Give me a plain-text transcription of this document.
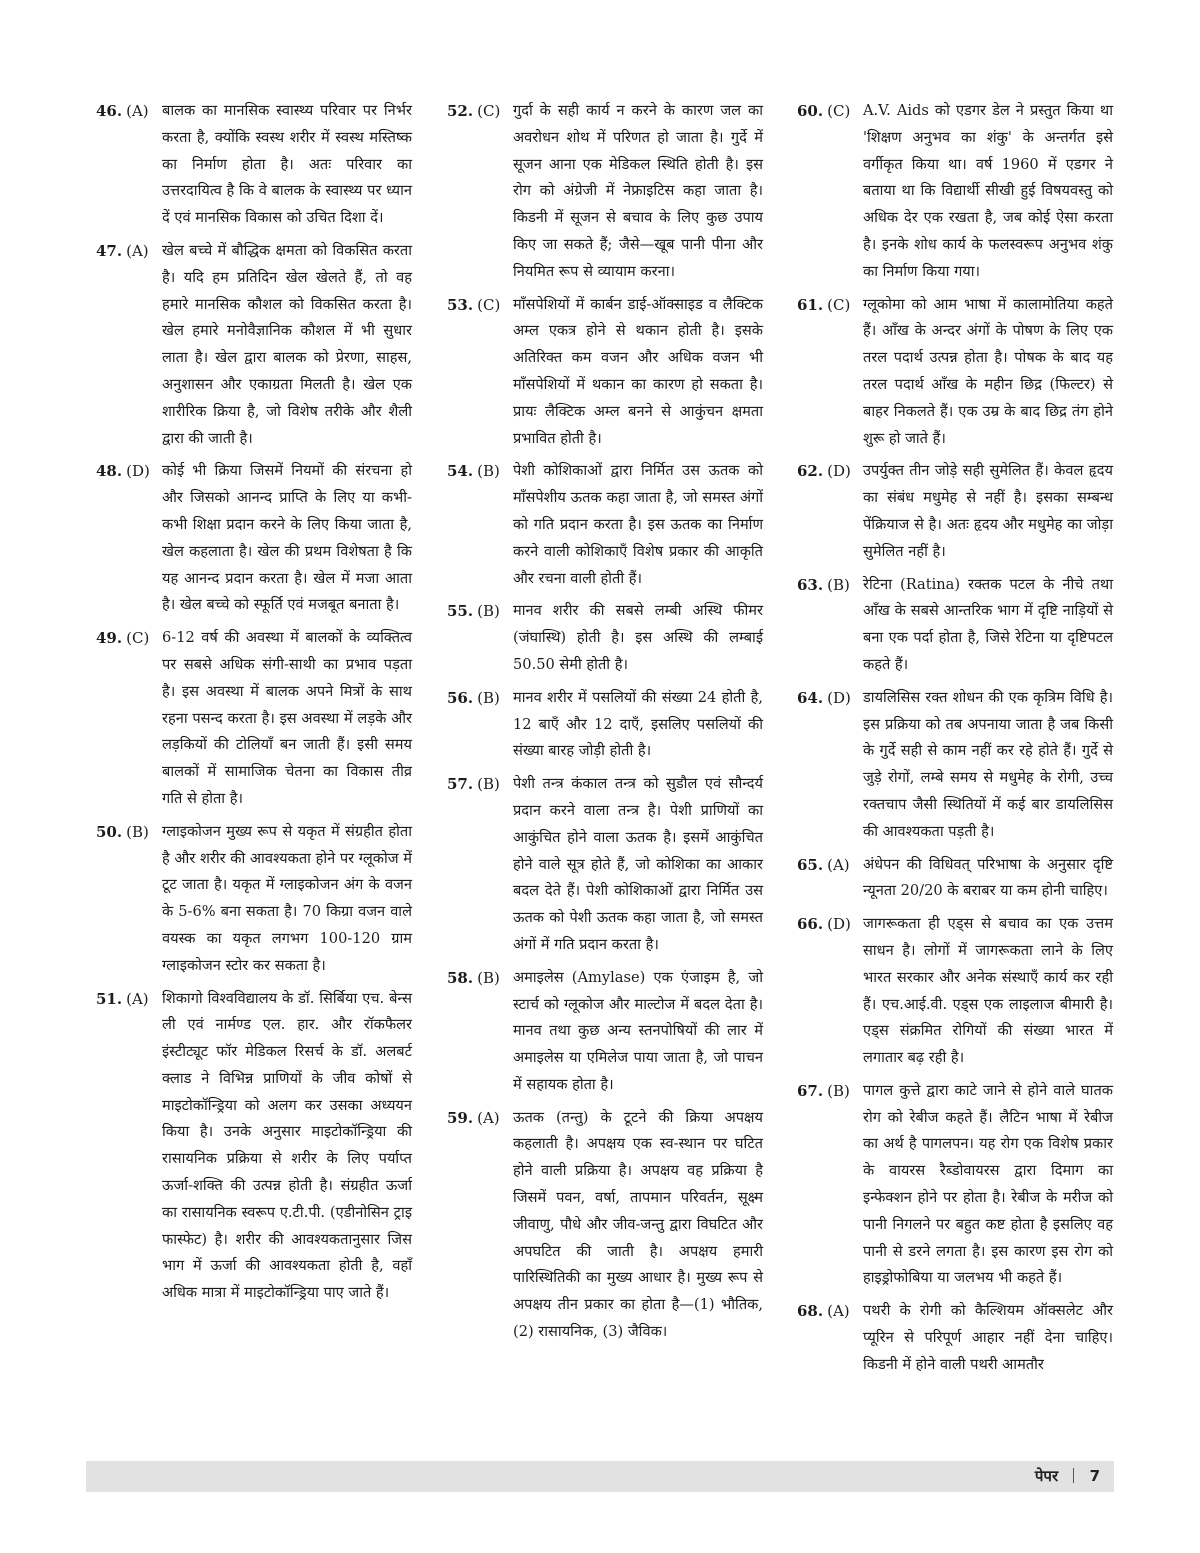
46. (A) बालक का मानसिक स्वास्थ्य परिवार पर निर्भर करता है, क्योंकि स्वस्थ शरीर में स्वस्थ मस्तिष्क का निर्माण होता है। अतः परिवार का उत्तरदायित्व है कि वे बालक के स्वास्थ्य पर ध्यान दें एवं मानसिक विकास को उचित दिशा दें।
47. (A) खेल बच्चे में बौद्धिक क्षमता को विकसित करता है। यदि हम प्रतिदिन खेल खेलते हैं, तो वह हमारे मानसिक कौशल को विकसित करता है। खेल हमारे मनोवैज्ञानिक कौशल में भी सुधार लाता है। खेल द्वारा बालक को प्रेरणा, साहस, अनुशासन और एकाग्रता मिलती है। खेल एक शारीरिक क्रिया है, जो विशेष तरीके और शैली द्वारा की जाती है।
48. (D) कोई भी क्रिया जिसमें नियमों की संरचना हो और जिसको आनन्द प्राप्ति के लिए या कभी-कभी शिक्षा प्रदान करने के लिए किया जाता है, खेल कहलाता है। खेल की प्रथम विशेषता है कि यह आनन्द प्रदान करता है। खेल में मजा आता है। खेल बच्चे को स्फूर्ति एवं मजबूत बनाता है।
49. (C) 6-12 वर्ष की अवस्था में बालकों के व्यक्तित्व पर सबसे अधिक संगी-साथी का प्रभाव पड़ता है। इस अवस्था में बालक अपने मित्रों के साथ रहना पसन्द करता है। इस अवस्था में लड़के और लड़कियों की टोलियाँ बन जाती हैं। इसी समय बालकों में सामाजिक चेतना का विकास तीव्र गति से होता है।
50. (B) ग्लाइकोजन मुख्य रूप से यकृत में संग्रहीत होता है और शरीर की आवश्यकता होने पर ग्लूकोज में टूट जाता है। यकृत में ग्लाइकोजन अंग के वजन के 5-6% बना सकता है। 70 किग्रा वजन वाले वयस्क का यकृत लगभग 100-120 ग्राम ग्लाइकोजन स्टोर कर सकता है।
51. (A) शिकागो विश्वविद्यालय के डॉ. सिर्बिया एच. बेन्स ली एवं नार्मण्ड एल. हार. और रॉकफैलर इंस्टीट्यूट फॉर मेडिकल रिसर्च के डॉ. अलबर्ट क्लाड ने विभिन्न प्राणियों के जीव कोषों से माइटोकॉन्ड्रिया को अलग कर उसका अध्ययन किया है। उनके अनुसार माइटोकॉन्ड्रिया की रासायनिक प्रक्रिया से शरीर के लिए पर्याप्त ऊर्जा-शक्ति की उत्पन्न होती है। संग्रहीत ऊर्जा का रासायनिक स्वरूप ए.टी.पी. (एडीनोसिन ट्राइ फास्फेट) है। शरीर की आवश्यकतानुसार जिस भाग में ऊर्जा की आवश्यकता होती है, वहाँ अधिक मात्रा में माइटोकॉन्ड्रिया पाए जाते हैं।
52. (C) गुर्दा के सही कार्य न करने के कारण जल का अवरोधन शोथ में परिणत हो जाता है। गुर्दे में सूजन आना एक मेडिकल स्थिति होती है। इस रोग को अंग्रेजी में नेफ्राइटिस कहा जाता है। किडनी में सूजन से बचाव के लिए कुछ उपाय किए जा सकते हैं; जैसे—खूब पानी पीना और नियमित रूप से व्यायाम करना।
53. (C) माँसपेशियों में कार्बन डाई-ऑक्साइड व लैक्टिक अम्ल एकत्र होने से थकान होती है। इसके अतिरिक्त कम वजन और अधिक वजन भी माँसपेशियों में थकान का कारण हो सकता है। प्रायः लैक्टिक अम्ल बनने से आकुंचन क्षमता प्रभावित होती है।
54. (B) पेशी कोशिकाओं द्वारा निर्मित उस ऊतक को माँसपेशीय ऊतक कहा जाता है, जो समस्त अंगों को गति प्रदान करता है। इस ऊतक का निर्माण करने वाली कोशिकाएँ विशेष प्रकार की आकृति और रचना वाली होती हैं।
55. (B) मानव शरीर की सबसे लम्बी अस्थि फीमर (जंघास्थि) होती है। इस अस्थि की लम्बाई 50.50 सेमी होती है।
56. (B) मानव शरीर में पसलियों की संख्या 24 होती है, 12 बाएँ और 12 दाएँ, इसलिए पसलियों की संख्या बारह जोड़ी होती है।
57. (B) पेशी तन्त्र कंकाल तन्त्र को सुडौल एवं सौन्दर्य प्रदान करने वाला तन्त्र है। पेशी प्राणियों का आकुंचित होने वाला ऊतक है। इसमें आकुंचित होने वाले सूत्र होते हैं, जो कोशिका का आकार बदल देते हैं। पेशी कोशिकाओं द्वारा निर्मित उस ऊतक को पेशी ऊतक कहा जाता है, जो समस्त अंगों में गति प्रदान करता है।
58. (B) अमाइलेस (Amylase) एक एंजाइम है, जो स्टार्च को ग्लूकोज और माल्टोज में बदल देता है। मानव तथा कुछ अन्य स्तनपोषियों की लार में अमाइलेस या एमिलेज पाया जाता है, जो पाचन में सहायक होता है।
59. (A) ऊतक (तन्तु) के टूटने की क्रिया अपक्षय कहलाती है। अपक्षय एक स्व-स्थान पर घटित होने वाली प्रक्रिया है। अपक्षय वह प्रक्रिया है जिसमें पवन, वर्षा, तापमान परिवर्तन, सूक्ष्म जीवाणु, पौधे और जीव-जन्तु द्वारा विघटित और अपघटित की जाती है। अपक्षय हमारी पारिस्थितिकी का मुख्य आधार है। मुख्य रूप से अपक्षय तीन प्रकार का होता है—(1) भौतिक, (2) रासायनिक, (3) जैविक।
60. (C) A.V. Aids को एडगर डेल ने प्रस्तुत किया था 'शिक्षण अनुभव का शंकु' के अन्तर्गत इसे वर्गीकृत किया था। वर्ष 1960 में एडगर ने बताया था कि विद्यार्थी सीखी हुई विषयवस्तु को अधिक देर एक रखता है, जब कोई ऐसा करता है। इनके शोध कार्य के फलस्वरूप अनुभव शंकु का निर्माण किया गया।
61. (C) ग्लूकोमा को आम भाषा में कालामोतिया कहते हैं। आँख के अन्दर अंगों के पोषण के लिए एक तरल पदार्थ उत्पन्न होता है। पोषक के बाद यह तरल पदार्थ आँख के महीन छिद्र (फिल्टर) से बाहर निकलते हैं। एक उम्र के बाद छिद्र तंग होने शुरू हो जाते हैं।
62. (D) उपर्युक्त तीन जोड़े सही सुमेलित हैं। केवल हृदय का संबंध मधुमेह से नहीं है। इसका सम्बन्ध पेंक्रियाज से है। अतः हृदय और मधुमेह का जोड़ा सुमेलित नहीं है।
63. (B) रेटिना (Ratina) रक्तक पटल के नीचे तथा आँख के सबसे आन्तरिक भाग में दृष्टि नाड़ियों से बना एक पर्दा होता है, जिसे रेटिना या दृष्टिपटल कहते हैं।
64. (D) डायलिसिस रक्त शोधन की एक कृत्रिम विधि है। इस प्रक्रिया को तब अपनाया जाता है जब किसी के गुर्दे सही से काम नहीं कर रहे होते हैं। गुर्दे से जुड़े रोगों, लम्बे समय से मधुमेह के रोगी, उच्च रक्तचाप जैसी स्थितियों में कई बार डायलिसिस की आवश्यकता पड़ती है।
65. (A) अंधेपन की विधिवत् परिभाषा के अनुसार दृष्टि न्यूनता 20/20 के बराबर या कम होनी चाहिए।
66. (D) जागरूकता ही एड्स से बचाव का एक उत्तम साधन है। लोगों में जागरूकता लाने के लिए भारत सरकार और अनेक संस्थाएँ कार्य कर रही हैं। एच.आई.वी. एड्स एक लाइलाज बीमारी है। एड्स संक्रमित रोगियों की संख्या भारत में लगातार बढ़ रही है।
67. (B) पागल कुत्ते द्वारा काटे जाने से होने वाले घातक रोग को रेबीज कहते हैं। लैटिन भाषा में रेबीज का अर्थ है पागलपन। यह रोग एक विशेष प्रकार के वायरस रैब्डोवायरस द्वारा दिमाग का इन्फेक्शन होने पर होता है। रेबीज के मरीज को पानी निगलने पर बहुत कष्ट होता है इसलिए वह पानी से डरने लगता है। इस कारण इस रोग को हाइड्रोफोबिया या जलभय भी कहते हैं।
68. (A) पथरी के रोगी को कैल्शियम ऑक्सलेट और प्यूरिन से परिपूर्ण आहार नहीं देना चाहिए। किडनी में होने वाली पथरी आमतौर
पेपर 7
